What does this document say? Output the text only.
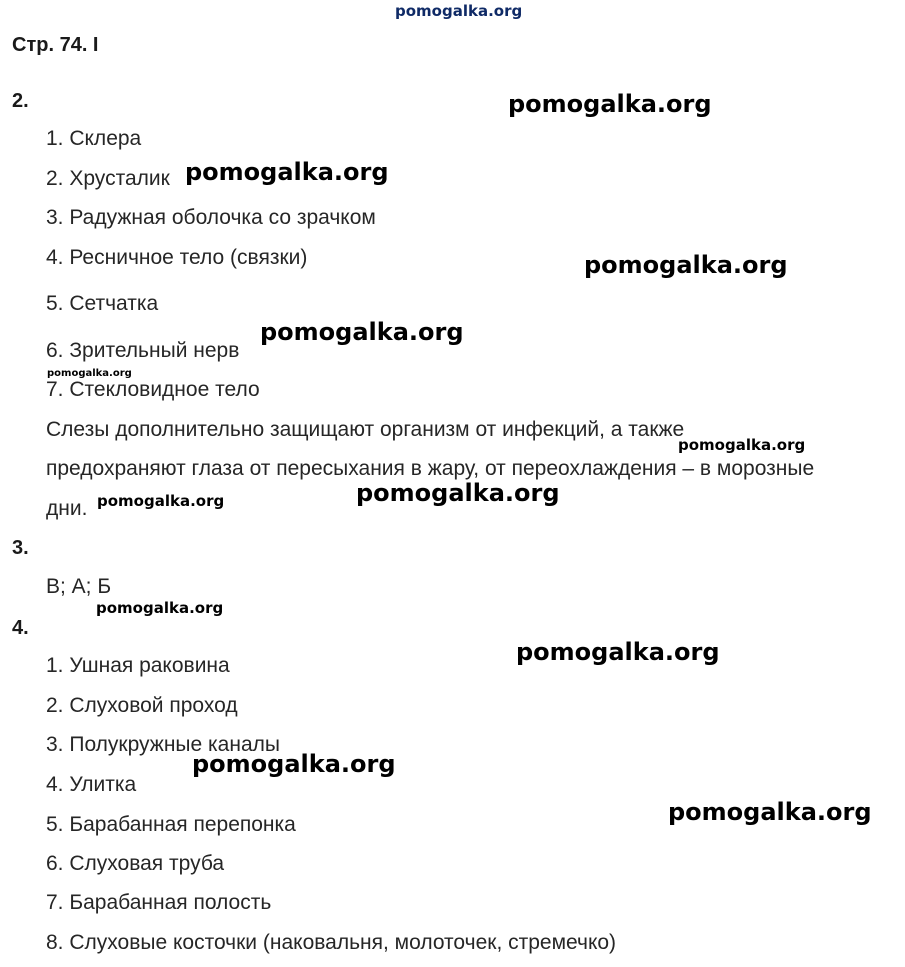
pomogalka.org
Стр. 74. I
2.
1. Склера
2. Хрусталик
3. Радужная оболочка со зрачком
4. Ресничное тело (связки)
5. Сетчатка
6. Зрительный нерв
7. Стекловидное тело
Слезы дополнительно защищают организм от инфекций, а также
предохраняют глаза от пересыхания в жару, от переохлаждения – в морозные
дни.
3.
В; А; Б
4.
1. Ушная раковина
2. Слуховой проход
3. Полукружные каналы
4. Улитка
5. Барабанная перепонка
6. Слуховая труба
7. Барабанная полость
8. Слуховые косточки (наковальня, молоточек, стремечко)
pomogalka.org
pomogalka.org
pomogalka.org
pomogalka.org
pomogalka.org
pomogalka.org
pomogalka.org
pomogalka.org
pomogalka.org
pomogalka.org
pomogalka.org
pomogalka.org
